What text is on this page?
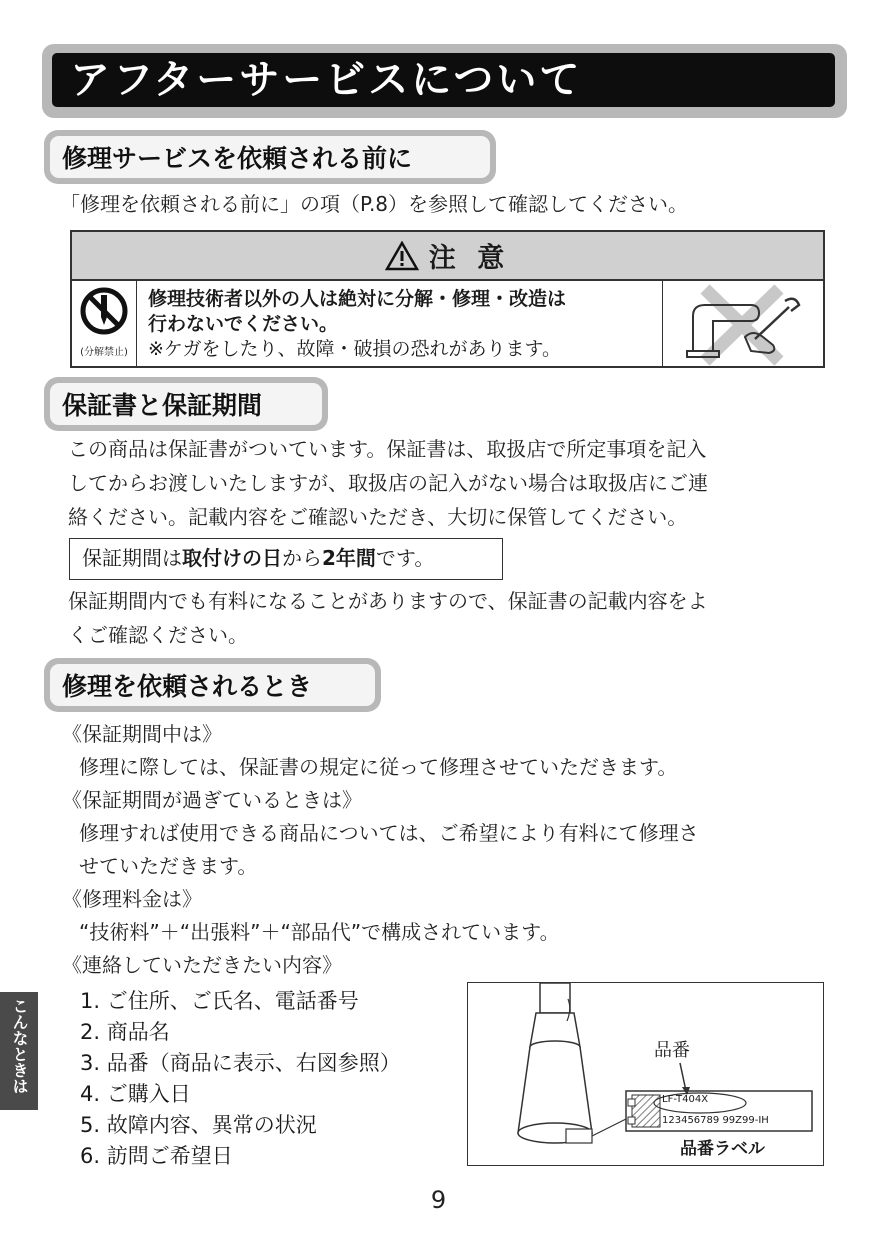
アフターサービスについて
修理サービスを依頼される前に
「修理を依頼される前に」の項（P.8）を参照して確認してください。
注 意
(分解禁止)
修理技術者以外の人は絶対に分解・修理・改造は
行わないでください。
※ケガをしたり、故障・破損の恐れがあります。
保証書と保証期間
この商品は保証書がついています。保証書は、取扱店で所定事項を記入
してからお渡しいたしますが、取扱店の記入がない場合は取扱店にご連
絡ください。記載内容をご確認いただき、大切に保管してください。
保証期間は取付けの日から2年間です。
保証期間内でも有料になることがありますので、保証書の記載内容をよ
くご確認ください。
修理を依頼されるとき
《保証期間中は》
修理に際しては、保証書の規定に従って修理させていただきます。
《保証期間が過ぎているときは》
修理すれば使用できる商品については、ご希望により有料にて修理さ
せていただきます。
《修理料金は》
“技術料”＋“出張料”＋“部品代”で構成されています。
《連絡していただきたい内容》
1. ご住所、ご氏名、電話番号
2. 商品名
3. 品番（商品に表示、右図参照）
4. ご購入日
5. 故障内容、異常の状況
6. 訪問ご希望日
品番
LF-T404X
123456789 99Z99-IH
品番ラベル
こんなときは
9
